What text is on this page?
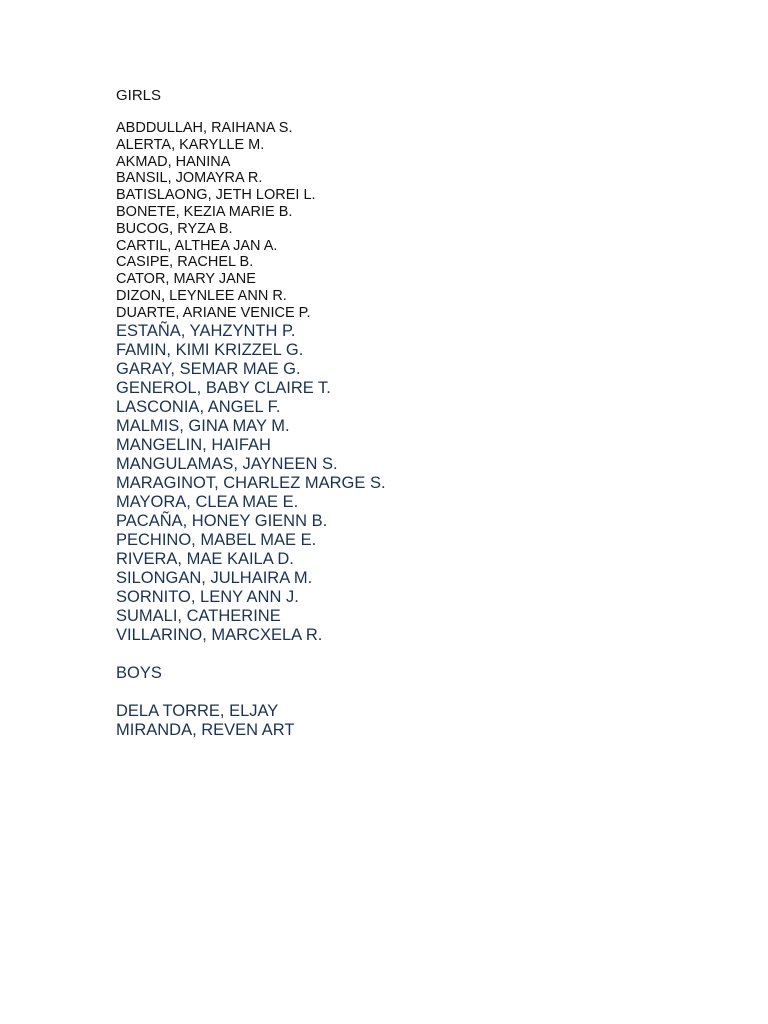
GIRLS
ABDDULLAH, RAIHANA S.
ALERTA, KARYLLE M.
AKMAD, HANINA
BANSIL, JOMAYRA R.
BATISLAONG, JETH LOREI L.
BONETE, KEZIA MARIE B.
BUCOG, RYZA B.
CARTIL, ALTHEA JAN A.
CASIPE, RACHEL B.
CATOR, MARY JANE
DIZON, LEYNLEE ANN R.
DUARTE, ARIANE VENICE P.
ESTAÑA, YAHZYNTH P.
FAMIN, KIMI KRIZZEL G.
GARAY, SEMAR MAE G.
GENEROL, BABY CLAIRE T.
LASCONIA, ANGEL F.
MALMIS, GINA MAY M.
MANGELIN, HAIFAH
MANGULAMAS, JAYNEEN S.
MARAGINOT, CHARLEZ MARGE S.
MAYORA, CLEA MAE E.
PACAÑA, HONEY GIENN B.
PECHINO, MABEL MAE E.
RIVERA, MAE KAILA D.
SILONGAN, JULHAIRA M.
SORNITO, LENY ANN J.
SUMALI, CATHERINE
VILLARINO, MARCXELA R.
BOYS
DELA TORRE, ELJAY
MIRANDA, REVEN ART
